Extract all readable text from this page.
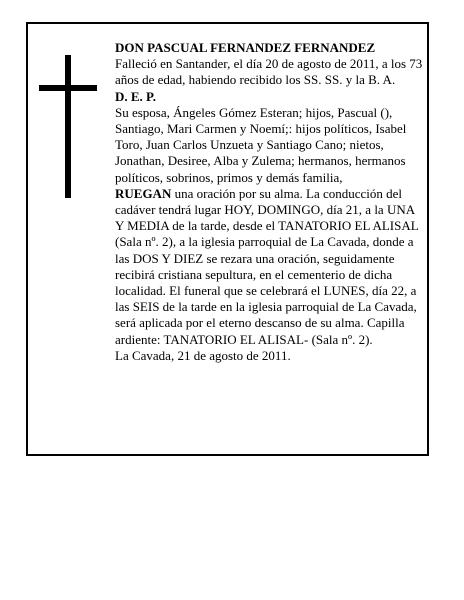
DON PASCUAL FERNANDEZ FERNANDEZ

Falleció en Santander, el día 20 de agosto de 2011, a los 73 años de edad, habiendo recibido los SS. SS. y la B. A.

D. E. P.

Su esposa, Ángeles Gómez Esteran; hijos, Pascual (), Santiago, Mari Carmen y Noemí;: hijos políticos, Isabel Toro, Juan Carlos Unzueta y Santiago Cano; nietos, Jonathan, Desiree, Alba y Zulema; hermanos, hermanos políticos, sobrinos, primos y demás familia,

RUEGAN una oración por su alma. La conducción del cadáver tendrá lugar HOY, DOMINGO, día 21, a la UNA Y MEDIA de la tarde, desde el TANATORIO EL ALISAL (Sala nº. 2), a la iglesia parroquial de La Cavada, donde a las DOS Y DIEZ se rezara una oración, seguidamente recibirá cristiana sepultura, en el cementerio de dicha localidad. El funeral que se celebrará el LUNES, día 22, a las SEIS de la tarde en la iglesia parroquial de La Cavada, será aplicada por el eterno descanso de su alma. Capilla ardiente: TANATORIO EL ALISAL- (Sala nº. 2).

La Cavada, 21 de agosto de 2011.
